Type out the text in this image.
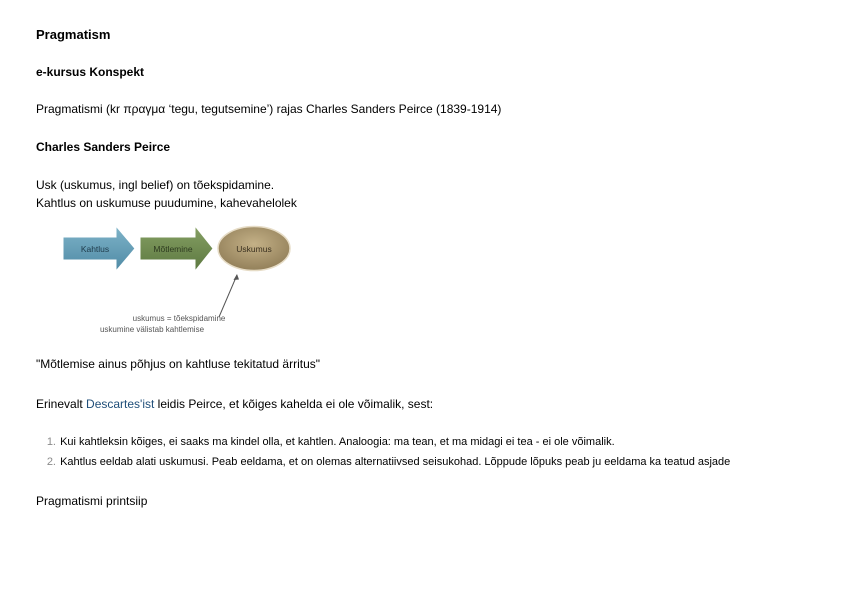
Pragmatism
e-kursus Konspekt
Pragmatismi (kr πραγμα ‘tegu, tegutsemine’) rajas Charles Sanders Peirce (1839-1914)
Charles Sanders Peirce
Usk (uskumus, ingl belief) on tõekspidamine.
Kahtlus on uskumuse puudumine, kahevahelolek
"Mõtlemise ainus põhjus on kahtluse tekitatud ärritus"
Erinevalt Descartes'ist leidis Peirce, et kõiges kahelda ei ole võimalik, sest:
1. Kui kahtleksin kõiges, ei saaks ma kindel olla, et kahtlen. Analoogia: ma tean, et ma midagi ei tea - ei ole võimalik.
2. Kahtlus eeldab alati uskumusi. Peab eeldama, et on olemas alternatiivsed seisukohad. Lõppude lõpuks peab ju eeldama ka teatud asjade
Pragmatismi printsiip
Kahtlus	Mõtlemine	Uskumus
uskumus = tõekspidamine
uskumine välistab kahtlemise
